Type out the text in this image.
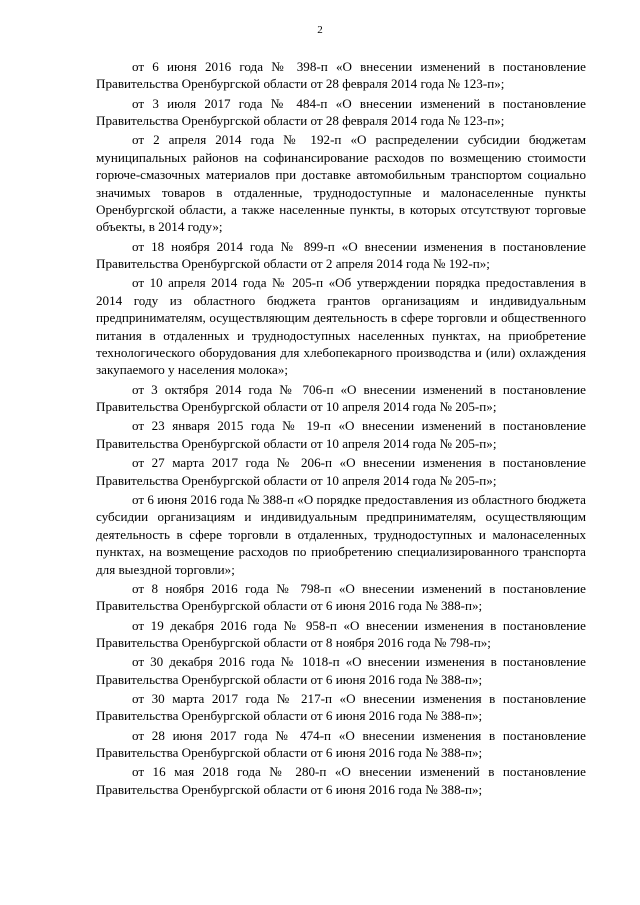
2

от 6 июня 2016 года № 398-п «О внесении изменений в постановление Правительства Оренбургской области от 28 февраля 2014 года № 123-п»;

от 3 июля 2017 года № 484-п «О внесении изменений в постановление Правительства Оренбургской области от 28 февраля 2014 года № 123-п»;

от 2 апреля 2014 года № 192-п «О распределении субсидии бюджетам муниципальных районов на софинансирование расходов по возмещению стоимости горюче-смазочных материалов при доставке автомобильным транспортом социально значимых товаров в отдаленные, труднодоступные и малонаселенные пункты Оренбургской области, а также населенные пункты, в которых отсутствуют торговые объекты, в 2014 году»;

от 18 ноября 2014 года № 899-п «О внесении изменения в постановление Правительства Оренбургской области от 2 апреля 2014 года № 192-п»;

от 10 апреля 2014 года № 205-п «Об утверждении порядка предоставления в 2014 году из областного бюджета грантов организациям и индивидуальным предпринимателям, осуществляющим деятельность в сфере торговли и общественного питания в отдаленных и труднодоступных населенных пунктах, на приобретение технологического оборудования для хлебопекарного производства и (или) охлаждения закупаемого у населения молока»;

от 3 октября 2014 года № 706-п «О внесении изменений в постановление Правительства Оренбургской области от 10 апреля 2014 года № 205-п»;

от 23 января 2015 года № 19-п «О внесении изменений в постановление Правительства Оренбургской области от 10 апреля 2014 года № 205-п»;

от 27 марта 2017 года № 206-п «О внесении изменения в постановление Правительства Оренбургской области от 10 апреля 2014 года № 205-п»;

от 6 июня 2016 года № 388-п «О порядке предоставления из областного бюджета субсидии организациям и индивидуальным предпринимателям, осуществляющим деятельность в сфере торговли в отдаленных, труднодоступных и малонаселенных пунктах, на возмещение расходов по приобретению специализированного транспорта для выездной торговли»;

от 8 ноября 2016 года № 798-п «О внесении изменений в постановление Правительства Оренбургской области от 6 июня 2016 года № 388-п»;

от 19 декабря 2016 года № 958-п «О внесении изменения в постановление Правительства Оренбургской области от 8 ноября 2016 года № 798-п»;

от 30 декабря 2016 года № 1018-п «О внесении изменения в постановление Правительства Оренбургской области от 6 июня 2016 года № 388-п»;

от 30 марта 2017 года № 217-п «О внесении изменения в постановление Правительства Оренбургской области от 6 июня 2016 года № 388-п»;

от 28 июня 2017 года № 474-п «О внесении изменения в постановление Правительства Оренбургской области от 6 июня 2016 года № 388-п»;

от 16 мая 2018 года № 280-п «О внесении изменений в постановление Правительства Оренбургской области от 6 июня 2016 года № 388-п»;
